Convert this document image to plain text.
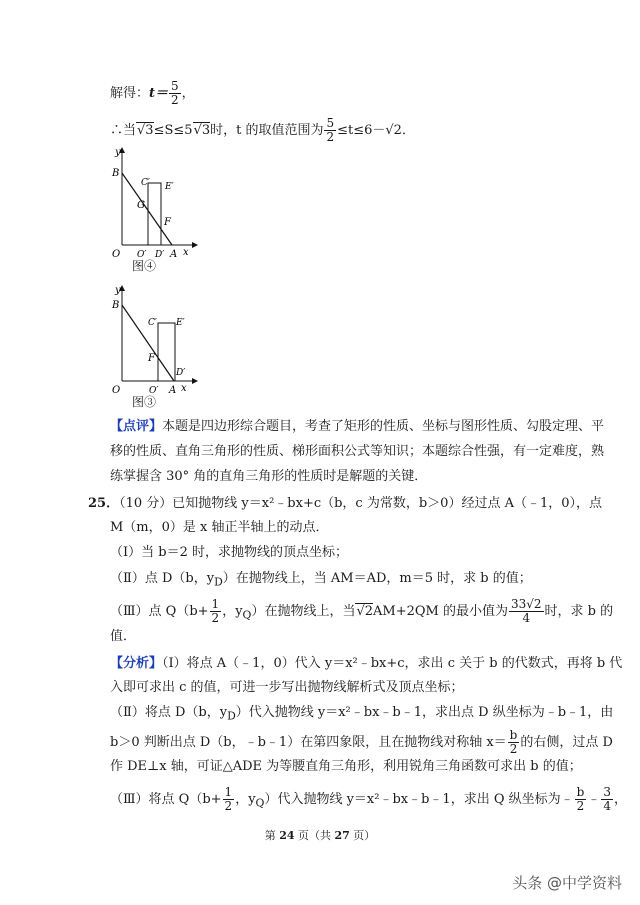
解得：$t= \frac{5}{2}$ ，
∴当√3≤S≤5√3时，t 的取值范围为 $\frac{5}{2} \le t\le 6-√2$．
y
B
C′ E′
G
F
O O′ D′ A x
图④
y
B
C′ E′
F
D′
O	O′ A x
图③
【点评】本题是四边形综合题目，考查了矩形的性质、坐标与图形性质、勾股定理、平
移的性质、直角三角形的性质、梯形面积公式等知识；本题综合性强，有一定难度，熟
练掌握含 30° 角的直角三角形的性质时是解题的关键．
25．（10 分）已知抛物线 y＝x²﹣bx+c（b，c 为常数，b＞0）经过点 A（﹣1，0），点
M（m，0）是 x 轴正半轴上的动点．
（Ⅰ）当 b＝2 时，求抛物线的顶点坐标；
（Ⅱ）点 D（b，$y_D$）在抛物线上，当 AM＝AD，m＝5 时，求 b 的值；
（Ⅲ）点 $Q(b+ \frac{1}{2}$ ，$y_Q$）在抛物线上，当√2AM+2QM 的最小值为 $\frac{33√2}{4}$ 时，求 b 的
值．
【分析】（Ⅰ）将点 A（﹣1，0）代入 y＝x²﹣bx+c，求出 c 关于 b 的代数式，再将 b 代
入即可求出 c 的值，可进一步写出抛物线解析式及顶点坐标；
（Ⅱ）将点 D（b，$y_D$）代入抛物线 y＝x²﹣bx﹣b﹣1，求出点 D 纵坐标为﹣b﹣1，由
b＞0 判断出点 D（b，﹣b﹣1）在第四象限，且在抛物线对称轴 $x= \frac{b}{2}$ 的右侧，过点 D
作 DE⊥x 轴，可证△ADE 为等腰直角三角形，利用锐角三角函数可求出 b 的值；
（Ⅲ）将点 $Q(b+ \frac{1}{2}$ ，$y_Q$）代入抛物线 y＝x²﹣bx﹣b﹣1，求出 Q 纵坐标为﹣ $\frac{b}{2}$ ﹣ $\frac{3}{4}$ ，
第 24 页（共 27 页）
头条 @中学资料
